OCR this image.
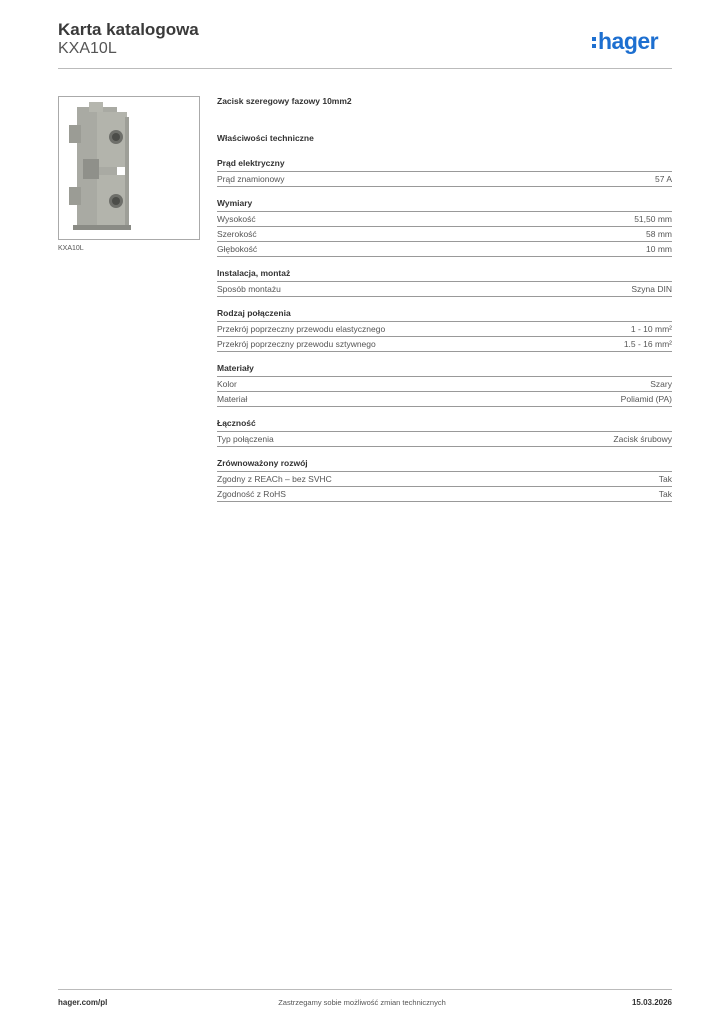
Karta katalogowa
KXA10L	hager
KXA10L
Zacisk szeregowy fazowy 10mm2
Właściwości techniczne
Prąd elektryczny
Prąd znamionowy	57 A
Wymiary
Wysokość	51,50 mm
Szerokość	58 mm
Głębokość	10 mm
Instalacja, montaż
Sposób montażu	Szyna DIN
Rodzaj połączenia
Przekrój poprzeczny przewodu elastycznego	1 - 10 mm²
Przekrój poprzeczny przewodu sztywnego	1.5 - 16 mm²
Materiały
Kolor	Szary
Materiał	Poliamid (PA)
Łączność
Typ połączenia	Zacisk śrubowy
Zrównoważony rozwój
Zgodny z REACh – bez SVHC	Tak
Zgodność z RoHS	Tak
hager.com/pl	Zastrzegamy sobie możliwość zmian technicznych	15.03.2026
